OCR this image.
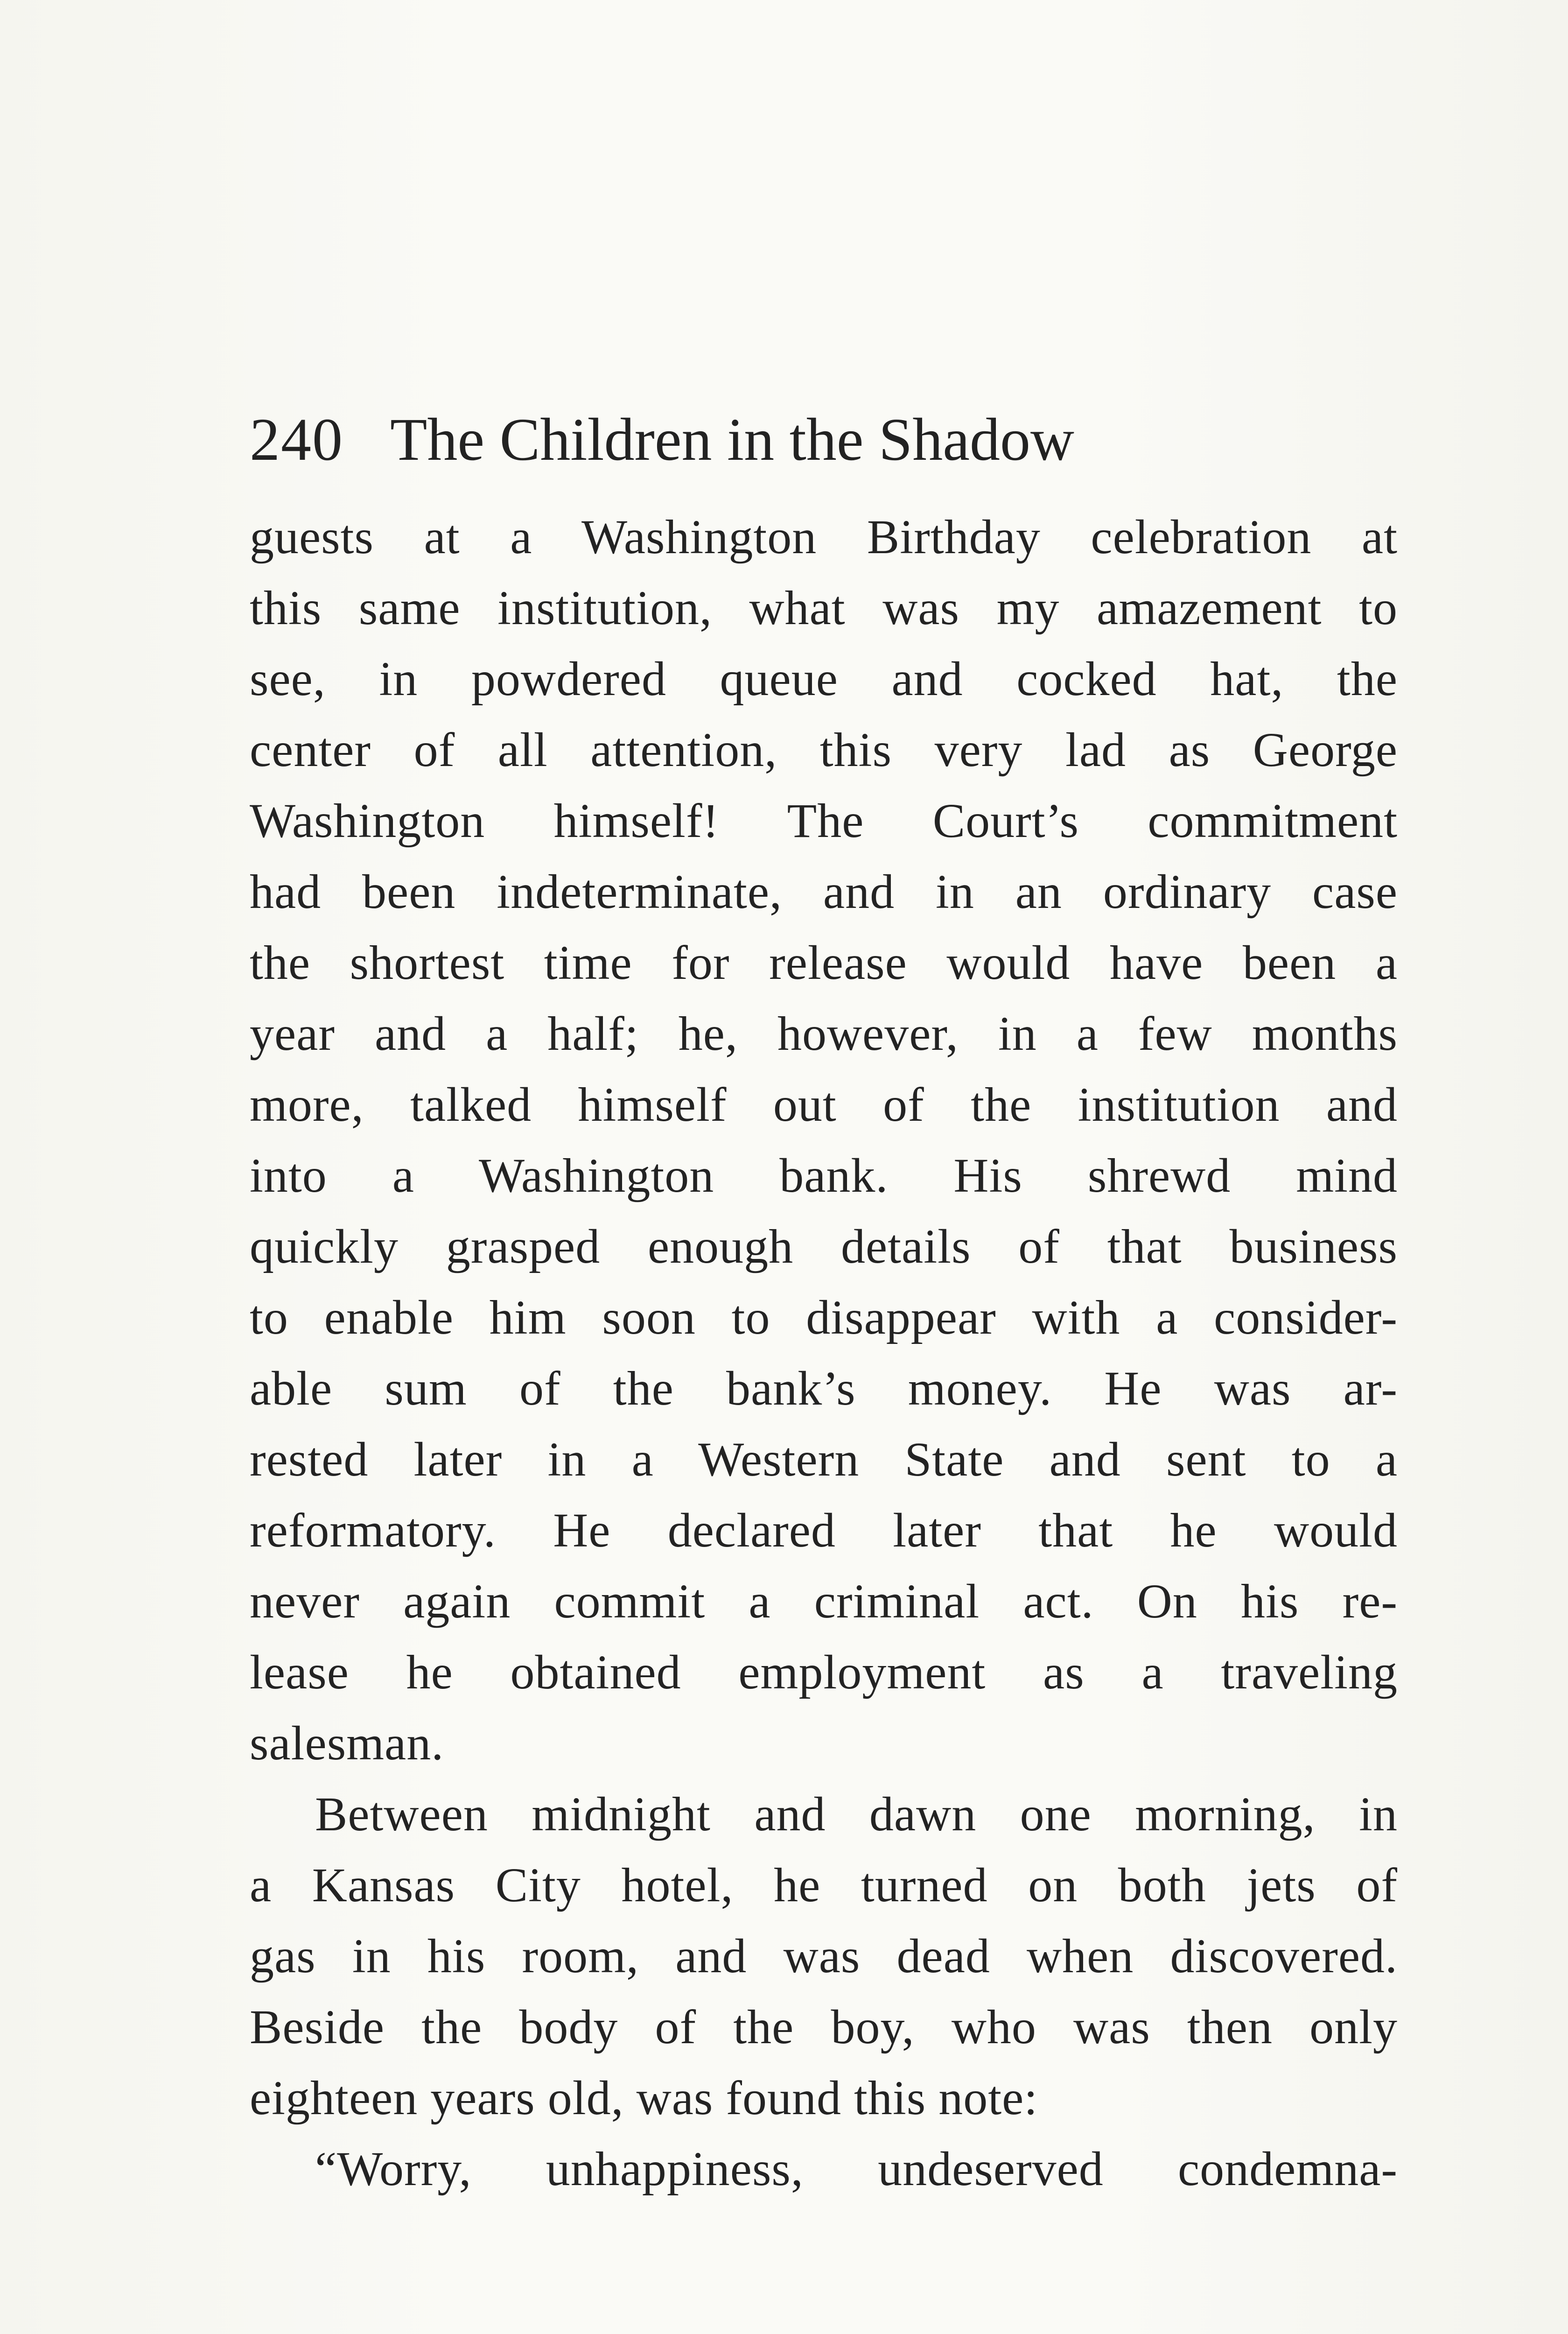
240 The Children in the Shadow
guests at a Washington Birthday celebration at
this same institution, what was my amazement to
see, in powdered queue and cocked hat, the
center of all attention, this very lad as George
Washington himself! The Court’s commitment
had been indeterminate, and in an ordinary case
the shortest time for release would have been a
year and a half; he, however, in a few months
more, talked himself out of the institution and
into a Washington bank. His shrewd mind
quickly grasped enough details of that business
to enable him soon to disappear with a consider-
able sum of the bank’s money. He was ar-
rested later in a Western State and sent to a
reformatory. He declared later that he would
never again commit a criminal act. On his re-
lease he obtained employment as a traveling
salesman.
Between midnight and dawn one morning, in
a Kansas City hotel, he turned on both jets of
gas in his room, and was dead when discovered.
Beside the body of the boy, who was then only
eighteen years old, was found this note:
“Worry, unhappiness, undeserved condemna-
